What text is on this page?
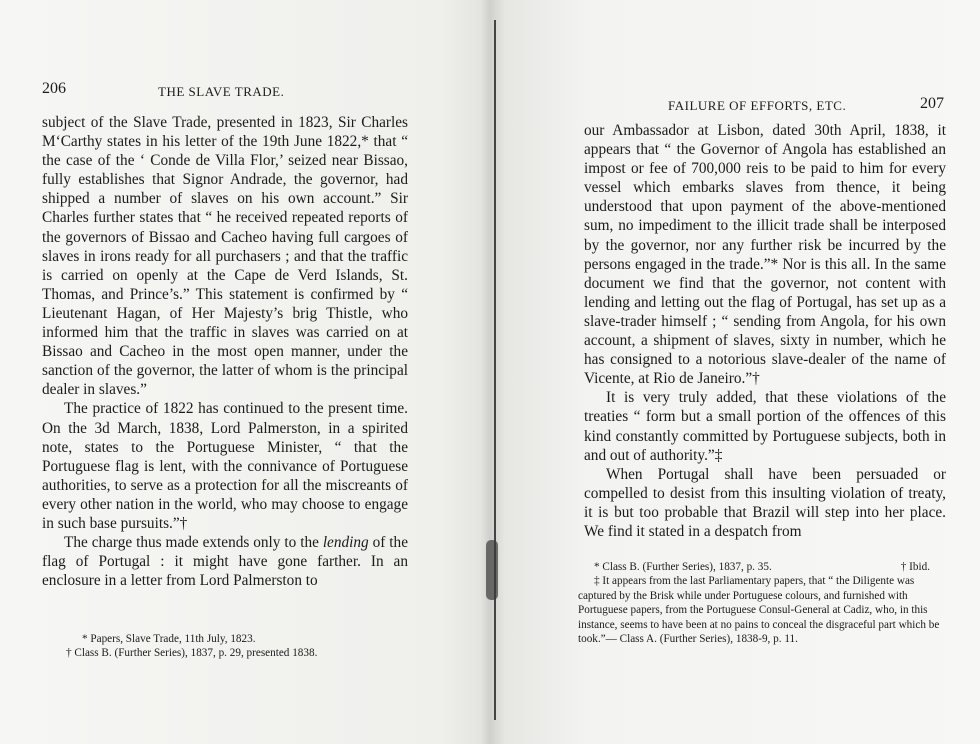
206	THE SLAVE TRADE.

subject of the Slave Trade, presented in 1823, Sir Charles M‘Carthy states in his letter of the 19th June 1822,* that “ the case of the ‘ Conde de Villa Flor,’ seized near Bissao, fully establishes that Signor Andrade, the governor, had shipped a number of slaves on his own account.” Sir Charles further states that “ he received repeated reports of the governors of Bissao and Cacheo having full cargoes of slaves in irons ready for all purchasers ; and that the traffic is carried on openly at the Cape de Verd Islands, St. Thomas, and Prince’s.” This statement is confirmed by “ Lieutenant Hagan, of Her Majesty’s brig Thistle, who informed him that the traffic in slaves was carried on at Bissao and Cacheo in the most open manner, under the sanction of the governor, the latter of whom is the principal dealer in slaves.”

The practice of 1822 has continued to the present time. On the 3d March, 1838, Lord Palmerston, in a spirited note, states to the Portuguese Minister, “ that the Portuguese flag is lent, with the connivance of Portuguese authorities, to serve as a protection for all the miscreants of every other nation in the world, who may choose to engage in such base pursuits.”†

The charge thus made extends only to the lending of the flag of Portugal : it might have gone farther. In an enclosure in a letter from Lord Palmerston to

* Papers, Slave Trade, 11th July, 1823.

† Class B. (Further Series), 1837, p. 29, presented 1838.

FAILURE OF EFFORTS, ETC.	207

our Ambassador at Lisbon, dated 30th April, 1838, it appears that “ the Governor of Angola has established an impost or fee of 700,000 reis to be paid to him for every vessel which embarks slaves from thence, it being understood that upon payment of the above-mentioned sum, no impediment to the illicit trade shall be interposed by the governor, nor any further risk be incurred by the persons engaged in the trade.”* Nor is this all. In the same document we find that the governor, not content with lending and letting out the flag of Portugal, has set up as a slave-trader himself ; “ sending from Angola, for his own account, a shipment of slaves, sixty in number, which he has consigned to a notorious slave-dealer of the name of Vicente, at Rio de Janeiro.”†

It is very truly added, that these violations of the treaties “ form but a small portion of the offences of this kind constantly committed by Portuguese subjects, both in and out of authority.”‡

When Portugal shall have been persuaded or compelled to desist from this insulting violation of treaty, it is but too probable that Brazil will step into her place. We find it stated in a despatch from

* Class B. (Further Series), 1837, p. 35.	† Ibid.

‡ It appears from the last Parliamentary papers, that “ the Diligente was captured by the Brisk while under Portuguese colours, and furnished with Portuguese papers, from the Portuguese Consul-General at Cadiz, who, in this instance, seems to have been at no pains to conceal the disgraceful part which be took.”— Class A. (Further Series), 1838-9, p. 11.
